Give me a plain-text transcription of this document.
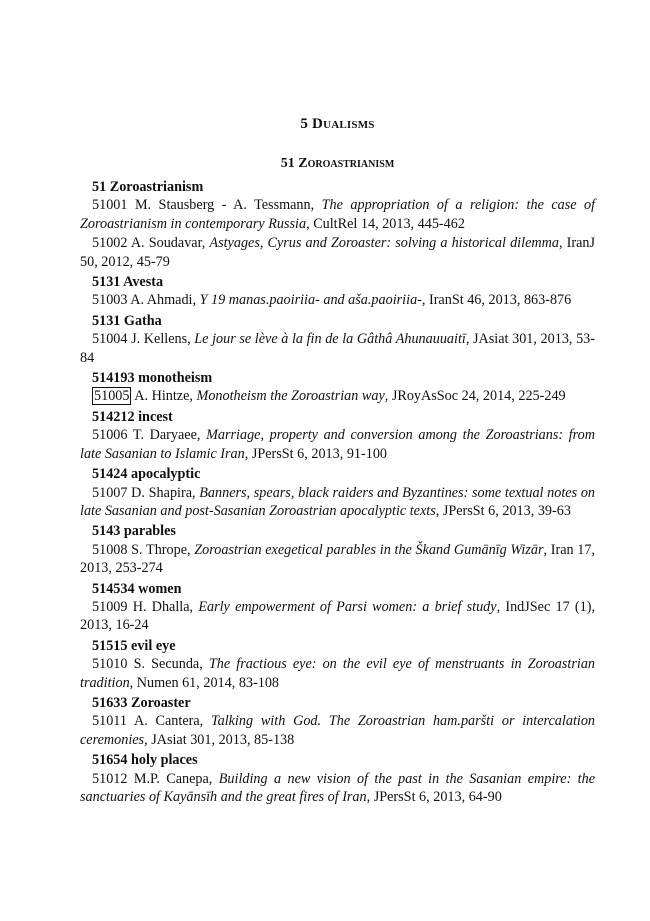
5 Dualisms
51 Zoroastrianism
51 Zoroastrianism
51001 M. Stausberg - A. Tessmann, The appropriation of a religion: the case of Zoroastrianism in contemporary Russia, CultRel 14, 2013, 445-462
51002 A. Soudavar, Astyages, Cyrus and Zoroaster: solving a historical dilemma, IranJ 50, 2012, 45-79
5131 Avesta
51003 A. Ahmadi, Y 19 manas.paoiriia- and aša.paoiriia-, IranSt 46, 2013, 863-876
5131 Gatha
51004 J. Kellens, Le jour se lève à la fin de la Gâthâ Ahunauuaitī, JAsiat 301, 2013, 53-84
514193 monotheism
51005 A. Hintze, Monotheism the Zoroastrian way, JRoyAsSoc 24, 2014, 225-249
514212 incest
51006 T. Daryaee, Marriage, property and conversion among the Zoroastrians: from late Sasanian to Islamic Iran, JPersSt 6, 2013, 91-100
51424 apocalyptic
51007 D. Shapira, Banners, spears, black raiders and Byzantines: some textual notes on late Sasanian and post-Sasanian Zoroastrian apocalyptic texts, JPersSt 6, 2013, 39-63
5143 parables
51008 S. Thrope, Zoroastrian exegetical parables in the Škand Gumānīg Wizār, Iran 17, 2013, 253-274
514534 women
51009 H. Dhalla, Early empowerment of Parsi women: a brief study, IndJSec 17 (1), 2013, 16-24
51515 evil eye
51010 S. Secunda, The fractious eye: on the evil eye of menstruants in Zoroastrian tradition, Numen 61, 2014, 83-108
51633 Zoroaster
51011 A. Cantera, Talking with God. The Zoroastrian ham.paršti or intercalation ceremonies, JAsiat 301, 2013, 85-138
51654 holy places
51012 M.P. Canepa, Building a new vision of the past in the Sasanian empire: the sanctuaries of Kayānsīh and the great fires of Iran, JPersSt 6, 2013, 64-90
